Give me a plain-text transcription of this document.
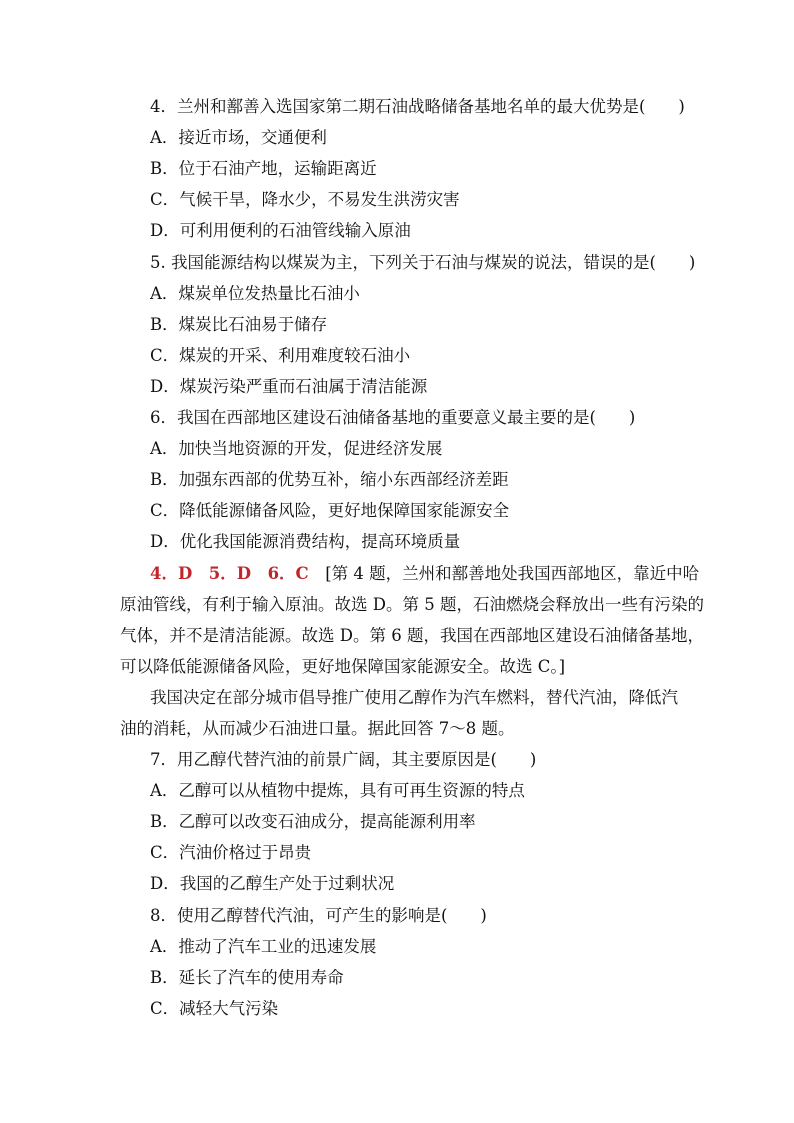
4．兰州和鄯善入选国家第二期石油战略储备基地名单的最大优势是(　　)
A．接近市场，交通便利
B．位于石油产地，运输距离近
C．气候干旱，降水少，不易发生洪涝灾害
D．可利用便利的石油管线输入原油
5. 我国能源结构以煤炭为主，下列关于石油与煤炭的说法，错误的是(　　)
A．煤炭单位发热量比石油小
B．煤炭比石油易于储存
C．煤炭的开采、利用难度较石油小
D．煤炭污染严重而石油属于清洁能源
6．我国在西部地区建设石油储备基地的重要意义最主要的是(　　)
A．加快当地资源的开发，促进经济发展
B．加强东西部的优势互补，缩小东西部经济差距
C．降低能源储备风险，更好地保障国家能源安全
D．优化我国能源消费结构，提高环境质量
4．D　5．D　6．C　 [第 4 题，兰州和鄯善地处我国西部地区，靠近中哈
原油管线，有利于输入原油。故选 D。第 5 题，石油燃烧会释放出一些有污染的
气体，并不是清洁能源。故选 D。第 6 题，我国在西部地区建设石油储备基地，
可以降低能源储备风险，更好地保障国家能源安全。故选 C。]
我国决定在部分城市倡导推广使用乙醇作为汽车燃料，替代汽油，降低汽
油的消耗，从而减少石油进口量。据此回答 7～8 题。
7．用乙醇代替汽油的前景广阔，其主要原因是(　　)
A．乙醇可以从植物中提炼，具有可再生资源的特点
B．乙醇可以改变石油成分，提高能源利用率
C．汽油价格过于昂贵
D．我国的乙醇生产处于过剩状况
8．使用乙醇替代汽油，可产生的影响是(　　)
A．推动了汽车工业的迅速发展
B．延长了汽车的使用寿命
C．减轻大气污染
